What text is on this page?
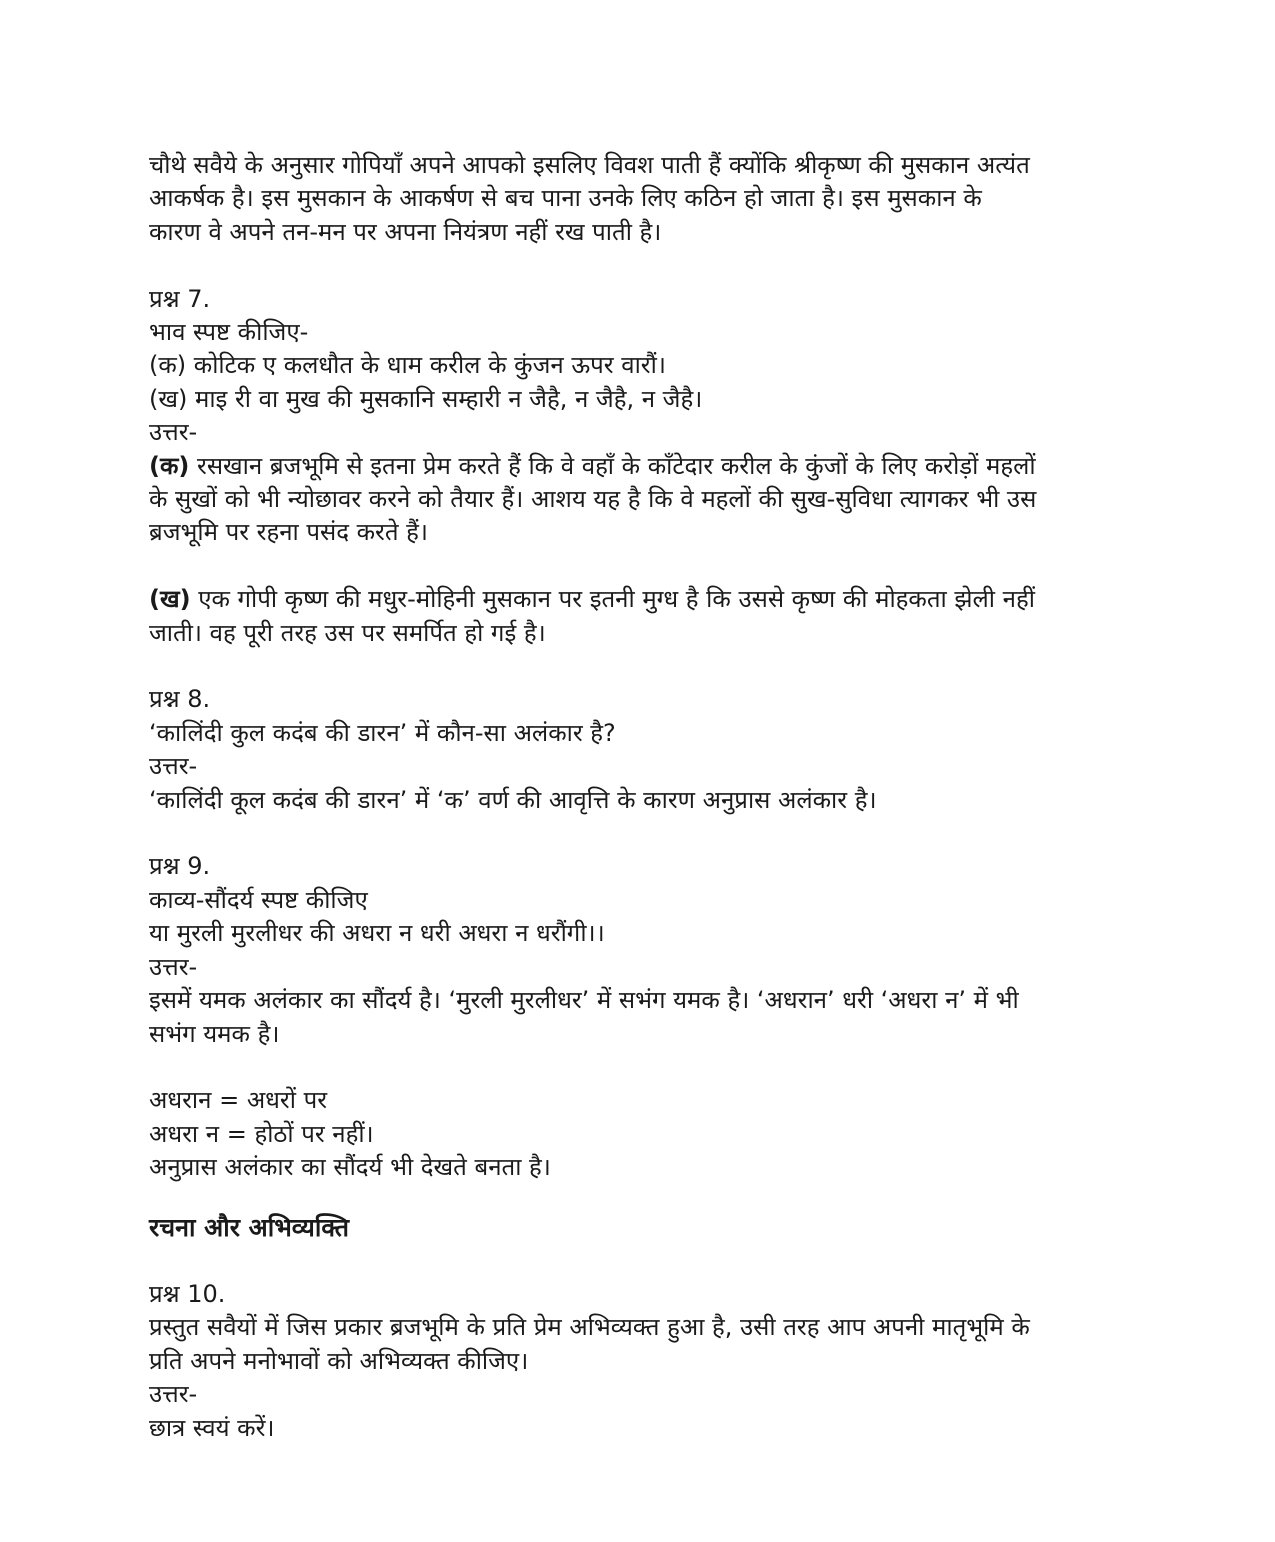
चौथे सवैये के अनुसार गोपियाँ अपने आपको इसलिए विवश पाती हैं क्योंकि श्रीकृष्ण की मुसकान अत्यंत
आकर्षक है। इस मुसकान के आकर्षण से बच पाना उनके लिए कठिन हो जाता है। इस मुसकान के
कारण वे अपने तन-मन पर अपना नियंत्रण नहीं रख पाती है।
प्रश्न 7.
भाव स्पष्ट कीजिए-
(क) कोटिक ए कलधौत के धाम करील के कुंजन ऊपर वारौं।
(ख) माइ री वा मुख की मुसकानि सम्हारी न जैहै, न जैहै, न जैहै।
उत्तर-
(क) रसखान ब्रजभूमि से इतना प्रेम करते हैं कि वे वहाँ के काँटेदार करील के कुंजों के लिए करोड़ों महलों
के सुखों को भी न्योछावर करने को तैयार हैं। आशय यह है कि वे महलों की सुख-सुविधा त्यागकर भी उस
ब्रजभूमि पर रहना पसंद करते हैं।
(ख) एक गोपी कृष्ण की मधुर-मोहिनी मुसकान पर इतनी मुग्ध है कि उससे कृष्ण की मोहकता झेली नहीं
जाती। वह पूरी तरह उस पर समर्पित हो गई है।
प्रश्न 8.
‘कालिंदी कुल कदंब की डारन’ में कौन-सा अलंकार है?
उत्तर-
‘कालिंदी कूल कदंब की डारन’ में ‘क’ वर्ण की आवृत्ति के कारण अनुप्रास अलंकार है।
प्रश्न 9.
काव्य-सौंदर्य स्पष्ट कीजिए
या मुरली मुरलीधर की अधरा न धरी अधरा न धरौंगी।।
उत्तर-
इसमें यमक अलंकार का सौंदर्य है। ‘मुरली मुरलीधर’ में सभंग यमक है। ‘अधरान’ धरी ‘अधरा न’ में भी
सभंग यमक है।
अधरान = अधरों पर
अधरा न = होठों पर नहीं।
अनुप्रास अलंकार का सौंदर्य भी देखते बनता है।
रचना और अभिव्यक्ति
प्रश्न 10.
प्रस्तुत सवैयों में जिस प्रकार ब्रजभूमि के प्रति प्रेम अभिव्यक्त हुआ है, उसी तरह आप अपनी मातृभूमि के
प्रति अपने मनोभावों को अभिव्यक्त कीजिए।
उत्तर-
छात्र स्वयं करें।
